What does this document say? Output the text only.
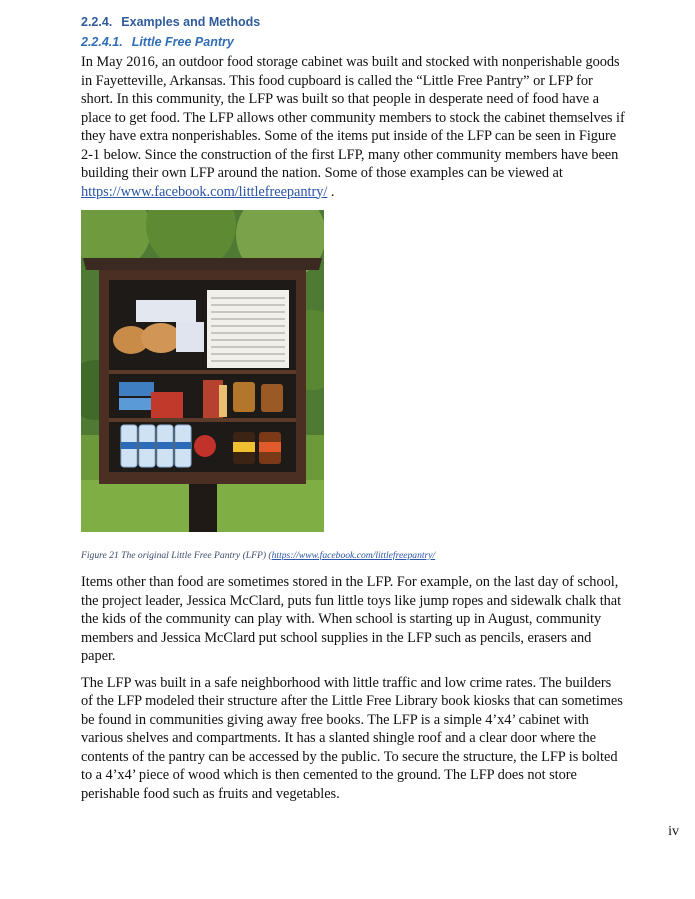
2.2.4. Examples and Methods
2.2.4.1. Little Free Pantry

In May 2016, an outdoor food storage cabinet was built and stocked with nonperishable goods in Fayetteville, Arkansas. This food cupboard is called the “Little Free Pantry” or LFP for short. In this community, the LFP was built so that people in desperate need of food have a place to get food. The LFP allows other community members to stock the cabinet themselves if they have extra nonperishables. Some of the items put inside of the LFP can be seen in Figure 2-1 below. Since the construction of the first LFP, many other community members have been building their own LFP around the nation. Some of those examples can be viewed at https://www.facebook.com/littlefreepantry/ .

Figure 21 The original Little Free Pantry (LFP) (https://www.facebook.com/littlefreepantry/

Items other than food are sometimes stored in the LFP. For example, on the last day of school, the project leader, Jessica McClard, puts fun little toys like jump ropes and sidewalk chalk that the kids of the community can play with. When school is starting up in August, community members and Jessica McClard put school supplies in the LFP such as pencils, erasers and paper.

The LFP was built in a safe neighborhood with little traffic and low crime rates. The builders of the LFP modeled their structure after the Little Free Library book kiosks that can sometimes be found in communities giving away free books. The LFP is a simple 4’x4’ cabinet with various shelves and compartments. It has a slanted shingle roof and a clear door where the contents of the pantry can be accessed by the public. To secure the structure, the LFP is bolted to a 4’x4’ piece of wood which is then cemented to the ground. The LFP does not store perishable food such as fruits and vegetables.

iv
